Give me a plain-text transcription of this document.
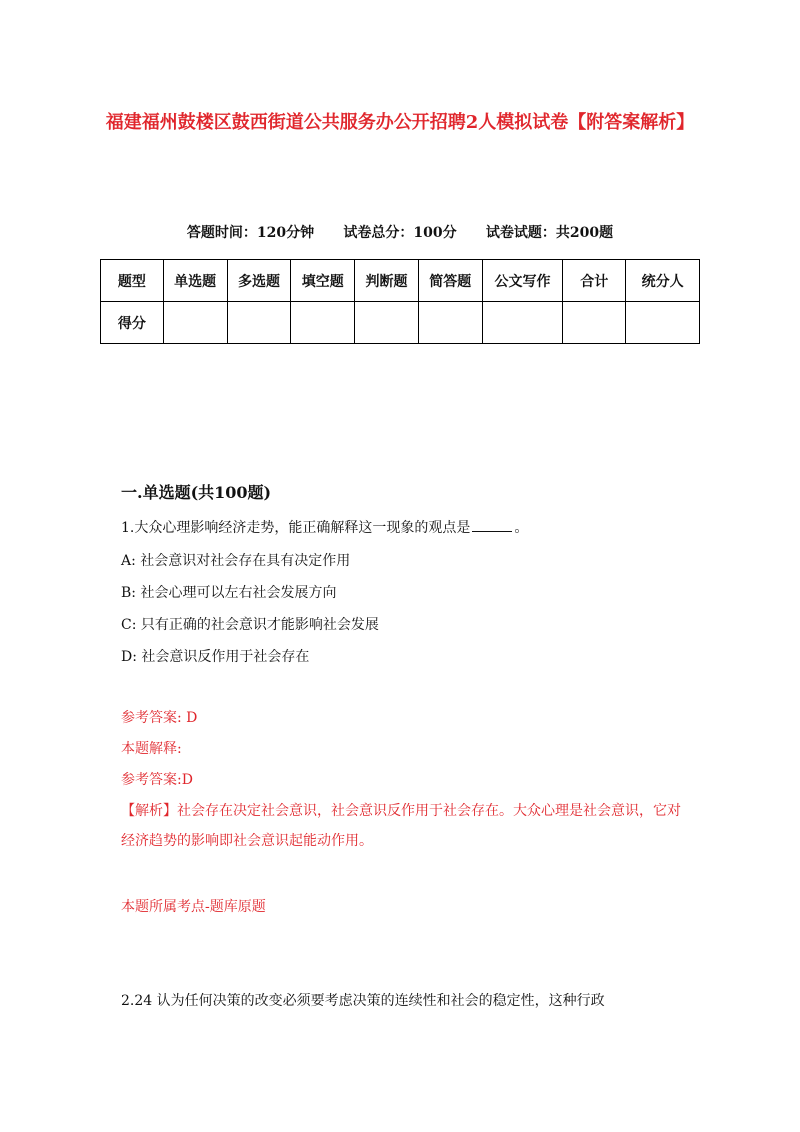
福建福州鼓楼区鼓西街道公共服务办公开招聘2人模拟试卷【附答案解析】
答题时间：120分钟 试卷总分：100分 试卷试题：共200题
题型	单选题	多选题	填空题	判断题	简答题	公文写作	合计	统分人
得分								
一.单选题(共100题)
1.大众心理影响经济走势，能正确解释这一现象的观点是	。
A: 社会意识对社会存在具有决定作用
B: 社会心理可以左右社会发展方向
C: 只有正确的社会意识才能影响社会发展
D: 社会意识反作用于社会存在
参考答案: D
本题解释:
参考答案:D
【解析】社会存在决定社会意识，社会意识反作用于社会存在。大众心理是社会意识，它对经济趋势的影响即社会意识起能动作用。
本题所属考点-题库原题
2.24 认为任何决策的改变必须要考虑决策的连续性和社会的稳定性，这种行政
